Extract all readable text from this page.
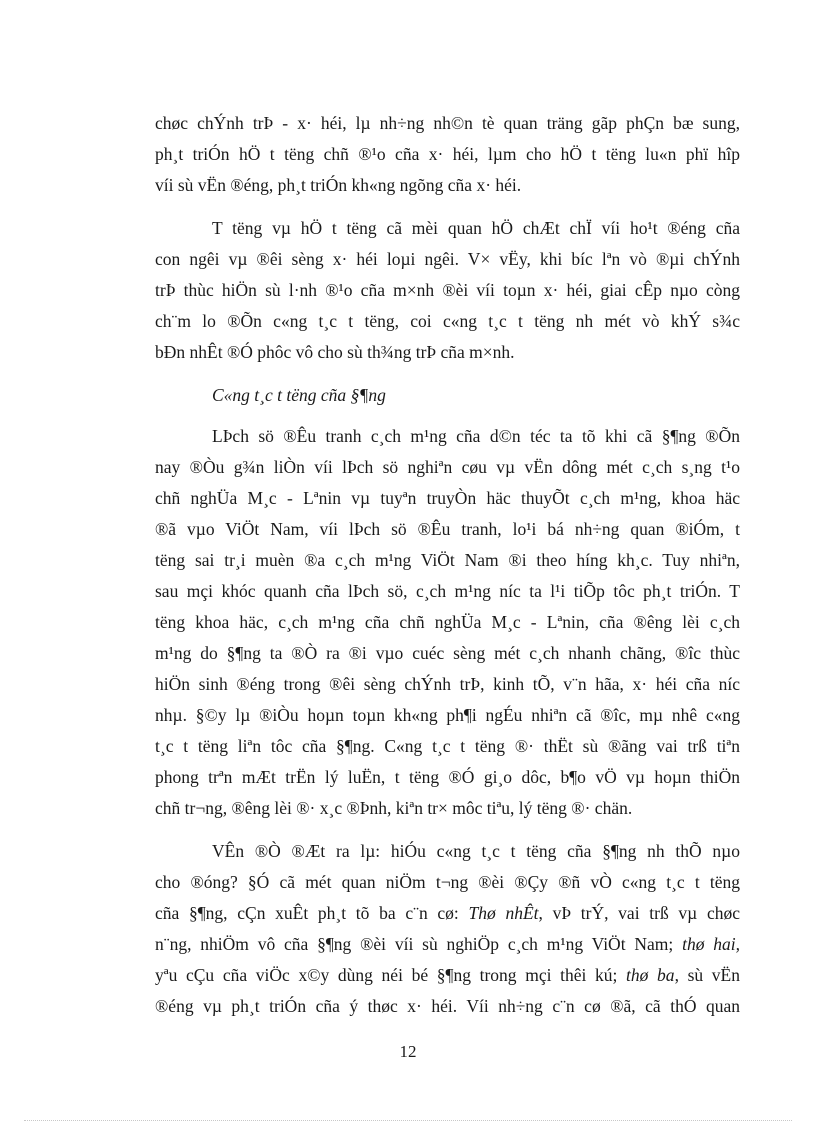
chøc chÝnh trÞ - x· héi, lµ nh÷ng nh©n tè quan träng gãp phÇn bæ sung,
ph¸t triÓn hÖ t tëng chñ ®¹o cña x· héi, lµm cho hÖ t tëng lu«n phï hîp
víi sù vËn ®éng, ph¸t triÓn kh«ng ngõng cña x· héi.

T tëng vµ hÖ t tëng cã mèi quan hÖ chÆt chÏ víi ho¹t ®éng cña
con ngêi vµ ®êi sèng x· héi loµi ngêi. V× vËy, khi bíc lªn vò ®µi chÝnh
trÞ thùc hiÖn sù l·nh ®¹o cña m×nh ®èi víi toµn x· héi, giai cÊp nµo còng
ch¨m lo ®Õn c«ng t¸c t tëng, coi c«ng t¸c t tëng nh mét vò khÝ s¾c
bÐn nhÊt ®Ó phôc vô cho sù th¾ng trÞ cña m×nh.

C«ng t¸c t tëng cña §¶ng

LÞch sö ®Êu tranh c¸ch m¹ng cña d©n téc ta tõ khi cã §¶ng ®Õn
nay ®Òu g¾n liÒn víi lÞch sö nghiªn cøu vµ vËn dông mét c¸ch s¸ng t¹o
chñ nghÜa M¸c - Lªnin vµ tuyªn truyÒn häc thuyÕt c¸ch m¹ng, khoa häc
®ã vµo ViÖt Nam, víi lÞch sö ®Êu tranh, lo¹i bá nh÷ng quan ®iÓm, t
tëng sai tr¸i muèn ®a c¸ch m¹ng ViÖt Nam ®i theo híng kh¸c. Tuy nhiªn,
sau mçi khóc quanh cña lÞch sö, c¸ch m¹ng níc ta l¹i tiÕp tôc ph¸t triÓn. T
tëng khoa häc, c¸ch m¹ng cña chñ nghÜa M¸c - Lªnin, cña ®êng lèi c¸ch
m¹ng do §¶ng ta ®Ò ra ®i vµo cuéc sèng mét c¸ch nhanh chãng, ®îc thùc
hiÖn sinh ®éng trong ®êi sèng chÝnh trÞ, kinh tÕ, v¨n hãa, x· héi cña níc
nhµ. §©y lµ ®iÒu hoµn toµn kh«ng ph¶i ngÉu nhiªn cã ®îc, mµ nhê c«ng
t¸c t tëng liªn tôc cña §¶ng. C«ng t¸c t tëng ®· thËt sù ®ãng vai trß tiªn
phong trªn mÆt trËn lý luËn, t tëng ®Ó gi¸o dôc, b¶o vÖ vµ hoµn thiÖn
chñ tr¬ng, ®êng lèi ®· x¸c ®Þnh, kiªn tr× môc tiªu, lý tëng ®· chän.

VÊn ®Ò ®Æt ra lµ: hiÓu c«ng t¸c t tëng cña §¶ng nh thÕ nµo
cho ®óng? §Ó cã mét quan niÖm t¬ng ®èi ®Çy ®ñ vÒ c«ng t¸c t tëng
cña §¶ng, cÇn xuÊt ph¸t tõ ba c¨n cø: Thø nhÊt, vÞ trÝ, vai trß vµ chøc
n¨ng, nhiÖm vô cña §¶ng ®èi víi sù nghiÖp c¸ch m¹ng ViÖt Nam; thø hai,
yªu cÇu cña viÖc x©y dùng néi bé §¶ng trong mçi thêi kú; thø ba, sù vËn
®éng vµ ph¸t triÓn cña ý thøc x· héi. Víi nh÷ng c¨n cø ®ã, cã thÓ quan

12
